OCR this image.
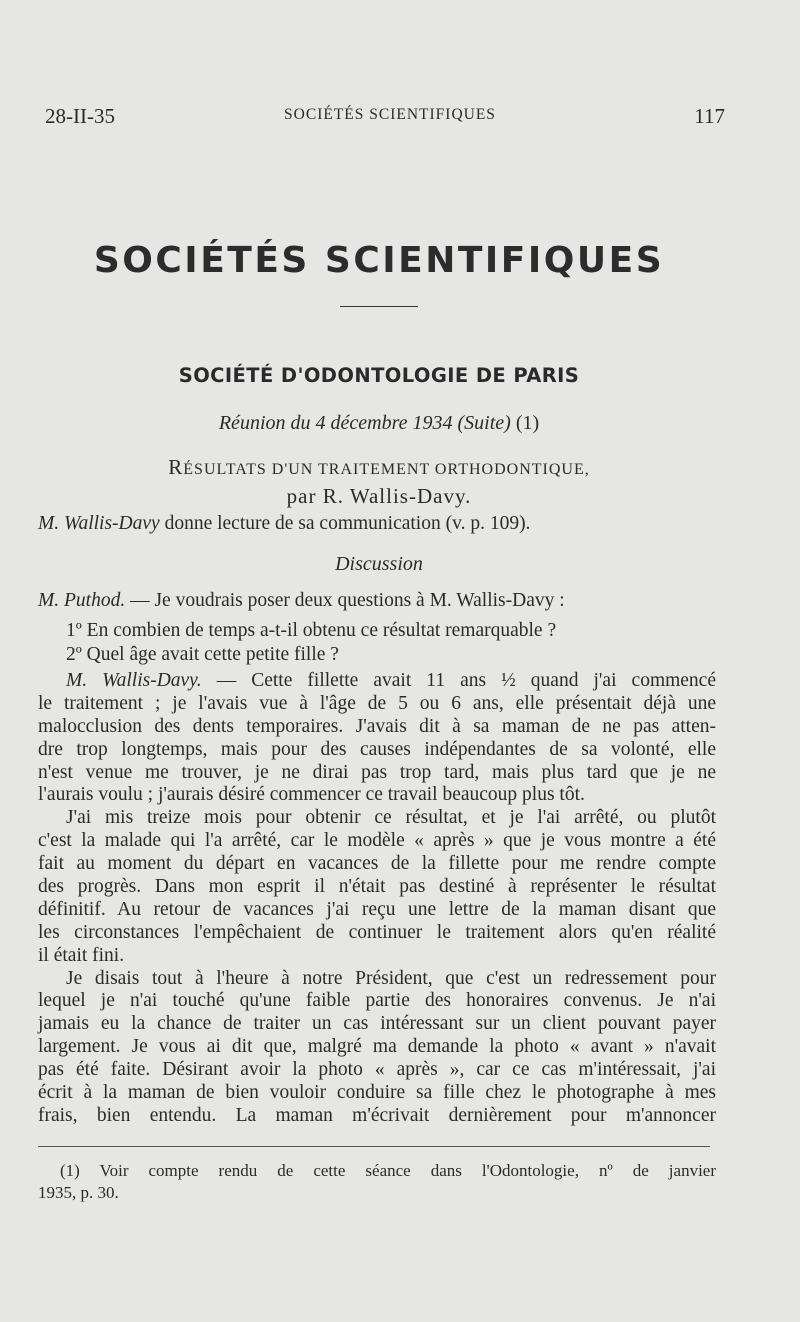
28-II-35	SOCIÉTÉS SCIENTIFIQUES	117
SOCIÉTÉS SCIENTIFIQUES
SOCIÉTÉ D'ODONTOLOGIE DE PARIS
Réunion du 4 décembre 1934 (Suite) (1)
RÉSULTATS D'UN TRAITEMENT ORTHODONTIQUE,
par R. Wallis-Davy.
M. Wallis-Davy donne lecture de sa communication (v. p. 109).
Discussion
M. Puthod. — Je voudrais poser deux questions à M. Wallis-Davy :
1º En combien de temps a-t-il obtenu ce résultat remarquable ?
2º Quel âge avait cette petite fille ?
M. Wallis-Davy. — Cette fillette avait 11 ans ½ quand j'ai commencé
le traitement ; je l'avais vue à l'âge de 5 ou 6 ans, elle présentait déjà une
malocclusion des dents temporaires. J'avais dit à sa maman de ne pas atten-
dre trop longtemps, mais pour des causes indépendantes de sa volonté, elle
n'est venue me trouver, je ne dirai pas trop tard, mais plus tard que je ne
l'aurais voulu ; j'aurais désiré commencer ce travail beaucoup plus tôt.
J'ai mis treize mois pour obtenir ce résultat, et je l'ai arrêté, ou plutôt
c'est la malade qui l'a arrêté, car le modèle « après » que je vous montre a été
fait au moment du départ en vacances de la fillette pour me rendre compte
des progrès. Dans mon esprit il n'était pas destiné à représenter le résultat
définitif. Au retour de vacances j'ai reçu une lettre de la maman disant que
les circonstances l'empêchaient de continuer le traitement alors qu'en réalité
il était fini.
Je disais tout à l'heure à notre Président, que c'est un redressement pour
lequel je n'ai touché qu'une faible partie des honoraires convenus. Je n'ai
jamais eu la chance de traiter un cas intéressant sur un client pouvant payer
largement. Je vous ai dit que, malgré ma demande la photo « avant » n'avait
pas été faite. Désirant avoir la photo « après », car ce cas m'intéressait, j'ai
écrit à la maman de bien vouloir conduire sa fille chez le photographe à mes
frais, bien entendu. La maman m'écrivait dernièrement pour m'annoncer
(1) Voir compte rendu de cette séance dans l'Odontologie, nº de janvier
1935, p. 30.
